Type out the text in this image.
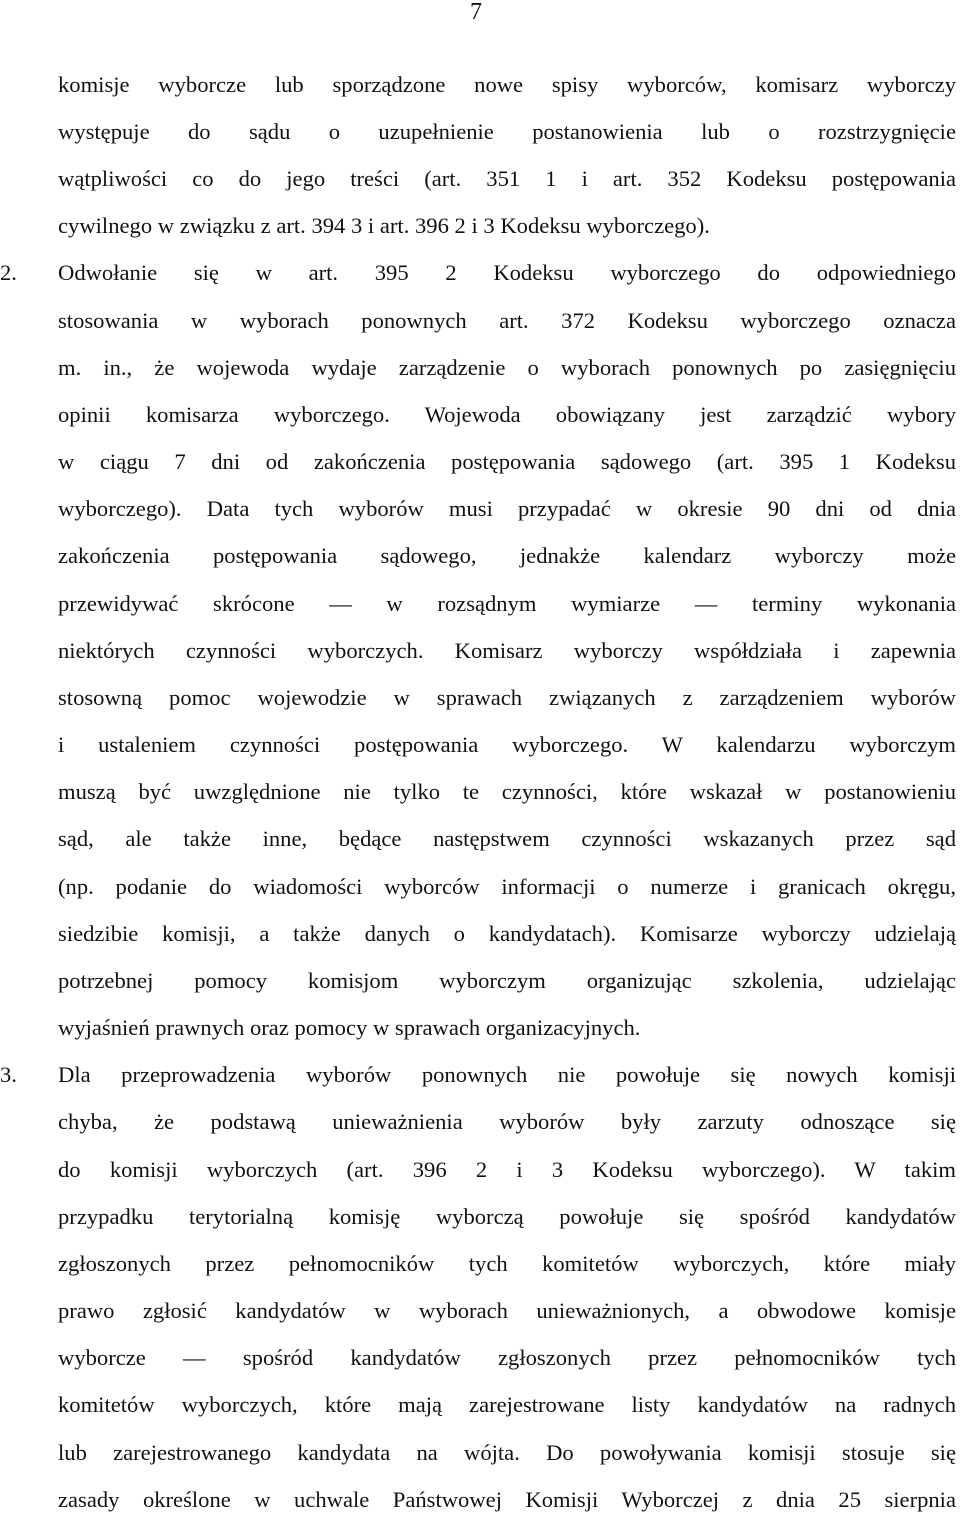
7
komisje wyborcze lub sporządzone nowe spisy wyborców, komisarz wyborczy
występuje do sądu o uzupełnienie postanowienia lub o rozstrzygnięcie
wątpliwości co do jego treści (art. 351 1 i art. 352 Kodeksu postępowania
cywilnego w związku z art. 394 3 i art. 396 2 i 3 Kodeksu wyborczego).
2.	Odwołanie się w art. 395 2 Kodeksu wyborczego do odpowiedniego
stosowania w wyborach ponownych art. 372 Kodeksu wyborczego oznacza
m. in., że wojewoda wydaje zarządzenie o wyborach ponownych po zasięgnięciu
opinii komisarza wyborczego. Wojewoda obowiązany jest zarządzić wybory
w ciągu 7 dni od zakończenia postępowania sądowego (art. 395 1 Kodeksu
wyborczego). Data tych wyborów musi przypadać w okresie 90 dni od dnia
zakończenia postępowania sądowego, jednakże kalendarz wyborczy może
przewidywać skrócone — w rozsądnym wymiarze — terminy wykonania
niektórych czynności wyborczych. Komisarz wyborczy współdziała i zapewnia
stosowną pomoc wojewodzie w sprawach związanych z zarządzeniem wyborów
i ustaleniem czynności postępowania wyborczego. W kalendarzu wyborczym
muszą być uwzględnione nie tylko te czynności, które wskazał w postanowieniu
sąd, ale także inne, będące następstwem czynności wskazanych przez sąd
(np. podanie do wiadomości wyborców informacji o numerze i granicach okręgu,
siedzibie komisji, a także danych o kandydatach). Komisarze wyborczy udzielają
potrzebnej pomocy komisjom wyborczym organizując szkolenia, udzielając
wyjaśnień prawnych oraz pomocy w sprawach organizacyjnych.
3.	Dla przeprowadzenia wyborów ponownych nie powołuje się nowych komisji
chyba, że podstawą unieważnienia wyborów były zarzuty odnoszące się
do komisji wyborczych (art. 396 2 i 3 Kodeksu wyborczego). W takim
przypadku terytorialną komisję wyborczą powołuje się spośród kandydatów
zgłoszonych przez pełnomocników tych komitetów wyborczych, które miały
prawo zgłosić kandydatów w wyborach unieważnionych, a obwodowe komisje
wyborcze — spośród kandydatów zgłoszonych przez pełnomocników tych
komitetów wyborczych, które mają zarejestrowane listy kandydatów na radnych
lub zarejestrowanego kandydata na wójta. Do powoływania komisji stosuje się
zasady określone w uchwale Państwowej Komisji Wyborczej z dnia 25 sierpnia
